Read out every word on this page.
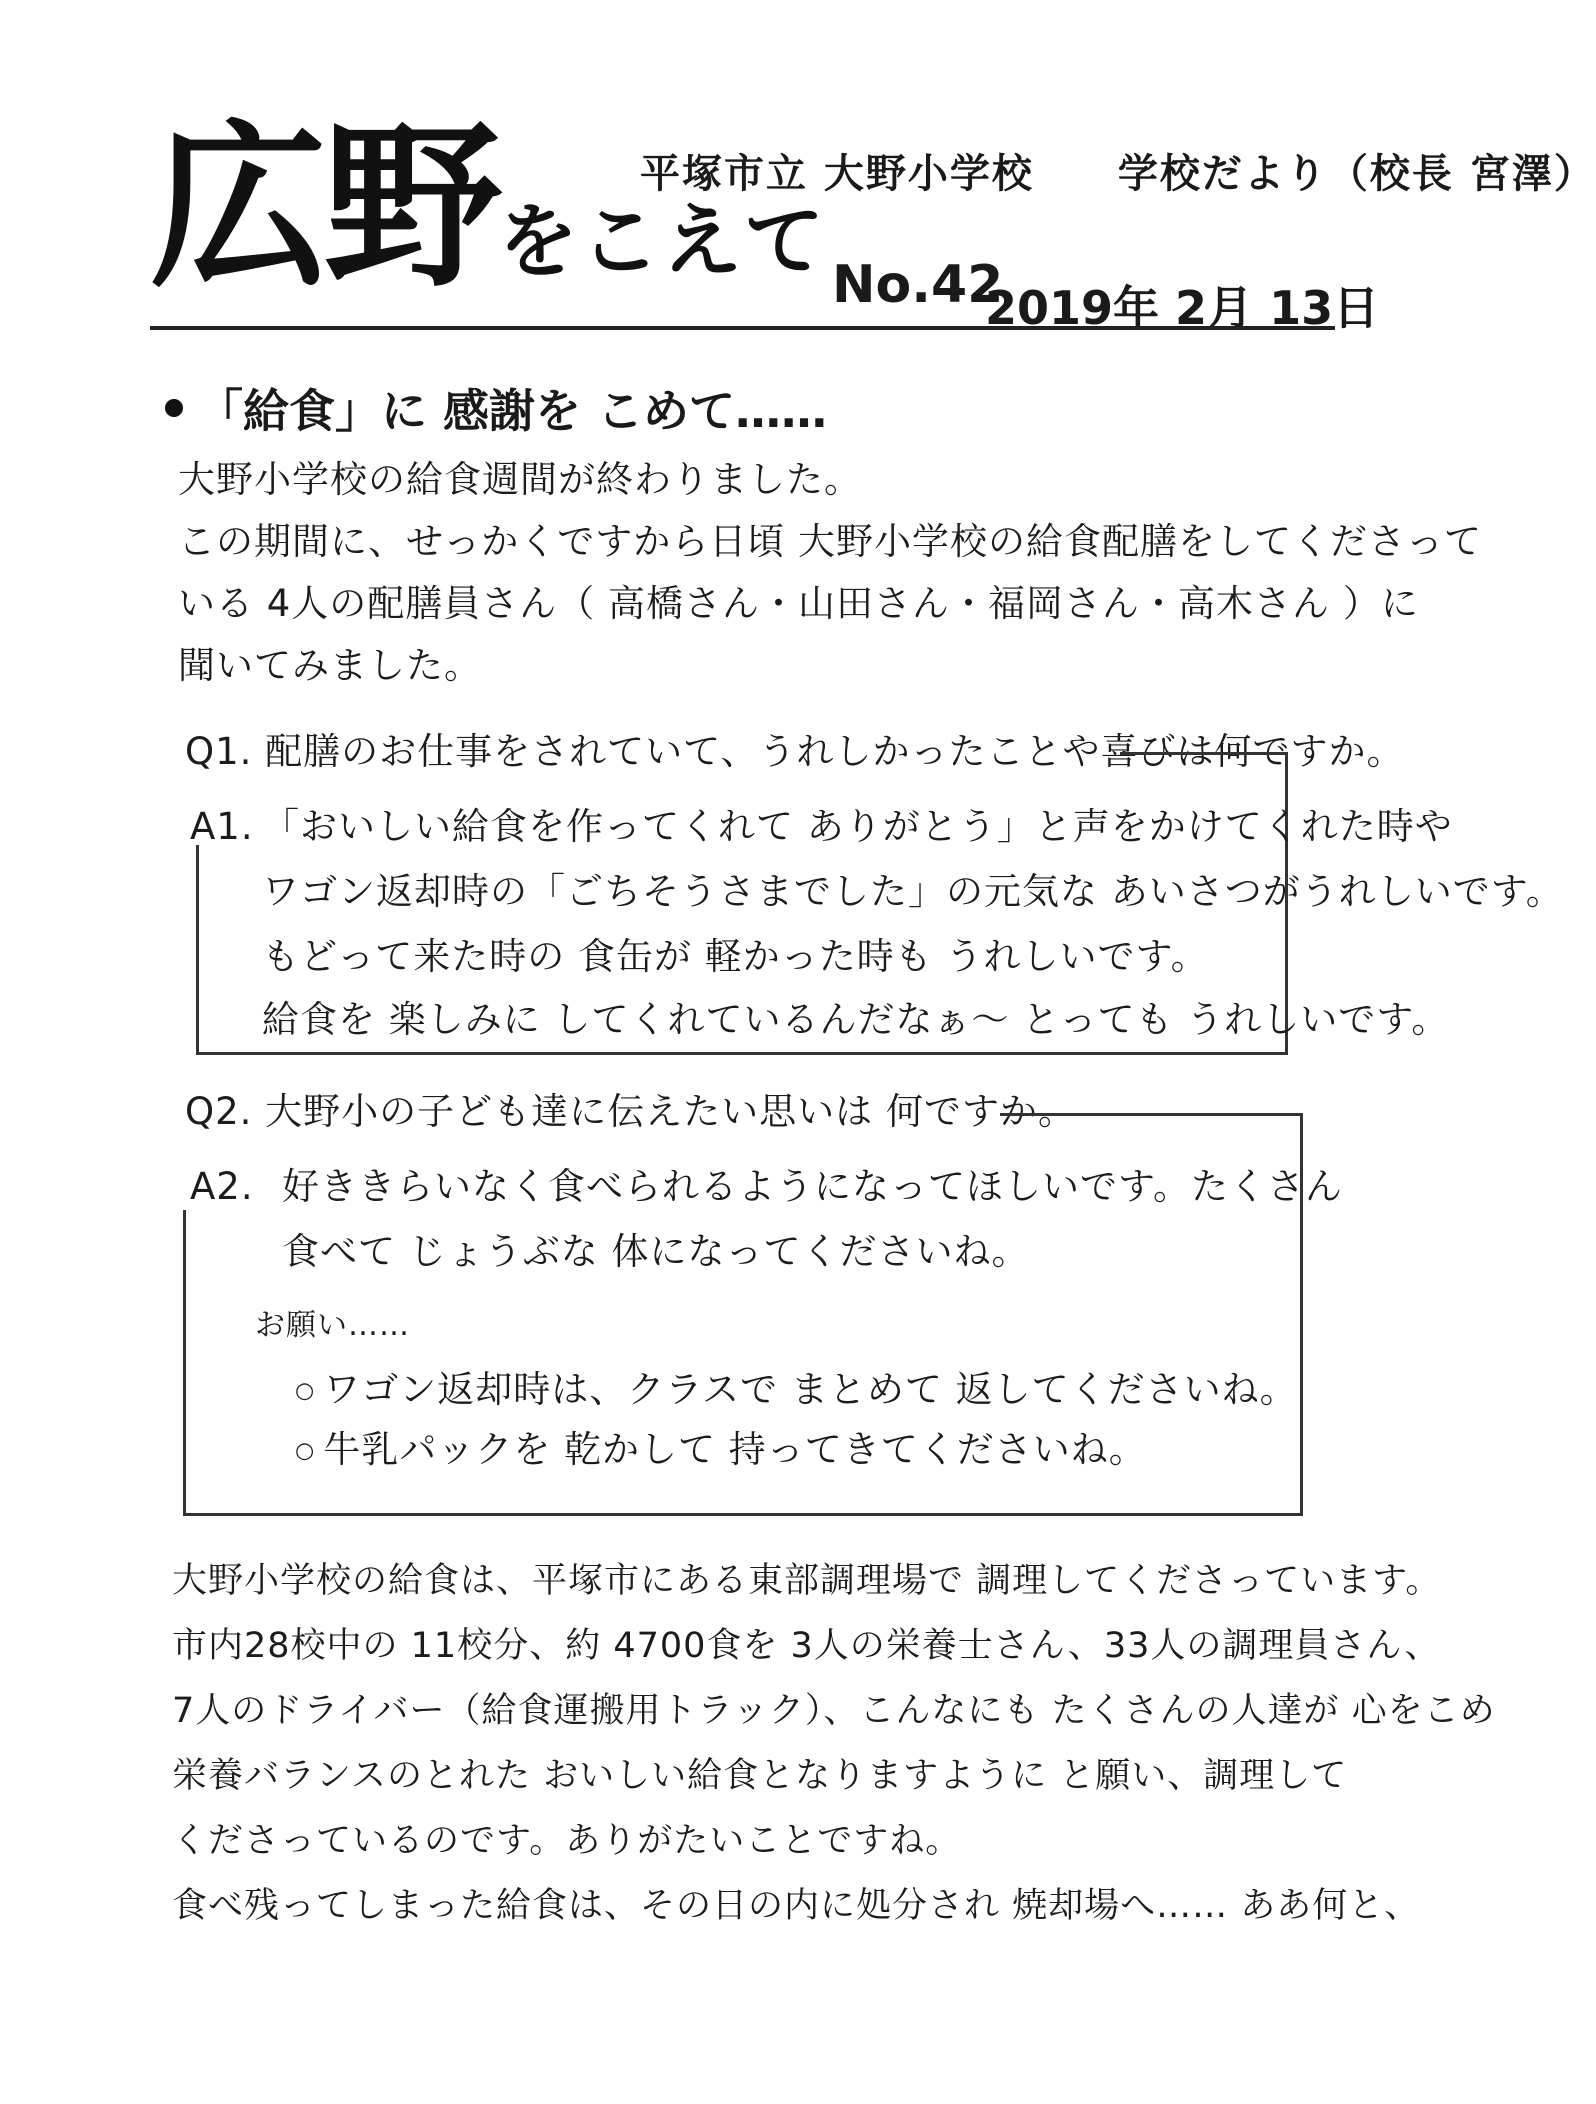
広野をこえて
平塚市立 大野小学校　　学校だより（校長 宮澤）
No.42
2019年 2月 13日
「給食」に 感謝を こめて……
大野小学校の給食週間が終わりました。
この期間に、せっかくですから日頃 大野小学校の給食配膳をしてくださって
いる 4人の配膳員さん（ 高橋さん・山田さん・福岡さん・高木さん ）に
聞いてみました。
Q1. 配膳のお仕事をされていて、うれしかったことや喜びは何ですか。
A1. 「おいしい給食を作ってくれて ありがとう」と声をかけてくれた時や
ワゴン返却時の「ごちそうさまでした」の元気な あいさつがうれしいです。
もどって来た時の 食缶が 軽かった時も うれしいです。
給食を 楽しみに してくれているんだなぁ～ とっても うれしいです。
Q2. 大野小の子ども達に伝えたい思いは 何ですか。
A2. 好ききらいなく食べられるようになってほしいです。たくさん
食べて じょうぶな 体になってくださいね。
お願い……
○ ワゴン返却時は、クラスで まとめて 返してくださいね。
○ 牛乳パックを 乾かして 持ってきてくださいね。
大野小学校の給食は、平塚市にある東部調理場で 調理してくださっています。
市内28校中の 11校分、約 4700食を 3人の栄養士さん、33人の調理員さん、
7人のドライバー（給食運搬用トラック）、こんなにも たくさんの人達が 心をこめ
栄養バランスのとれた おいしい給食となりますように と願い、調理して
くださっているのです。ありがたいことですね。
食べ残ってしまった給食は、その日の内に処分され 焼却場へ…… ああ何と、
